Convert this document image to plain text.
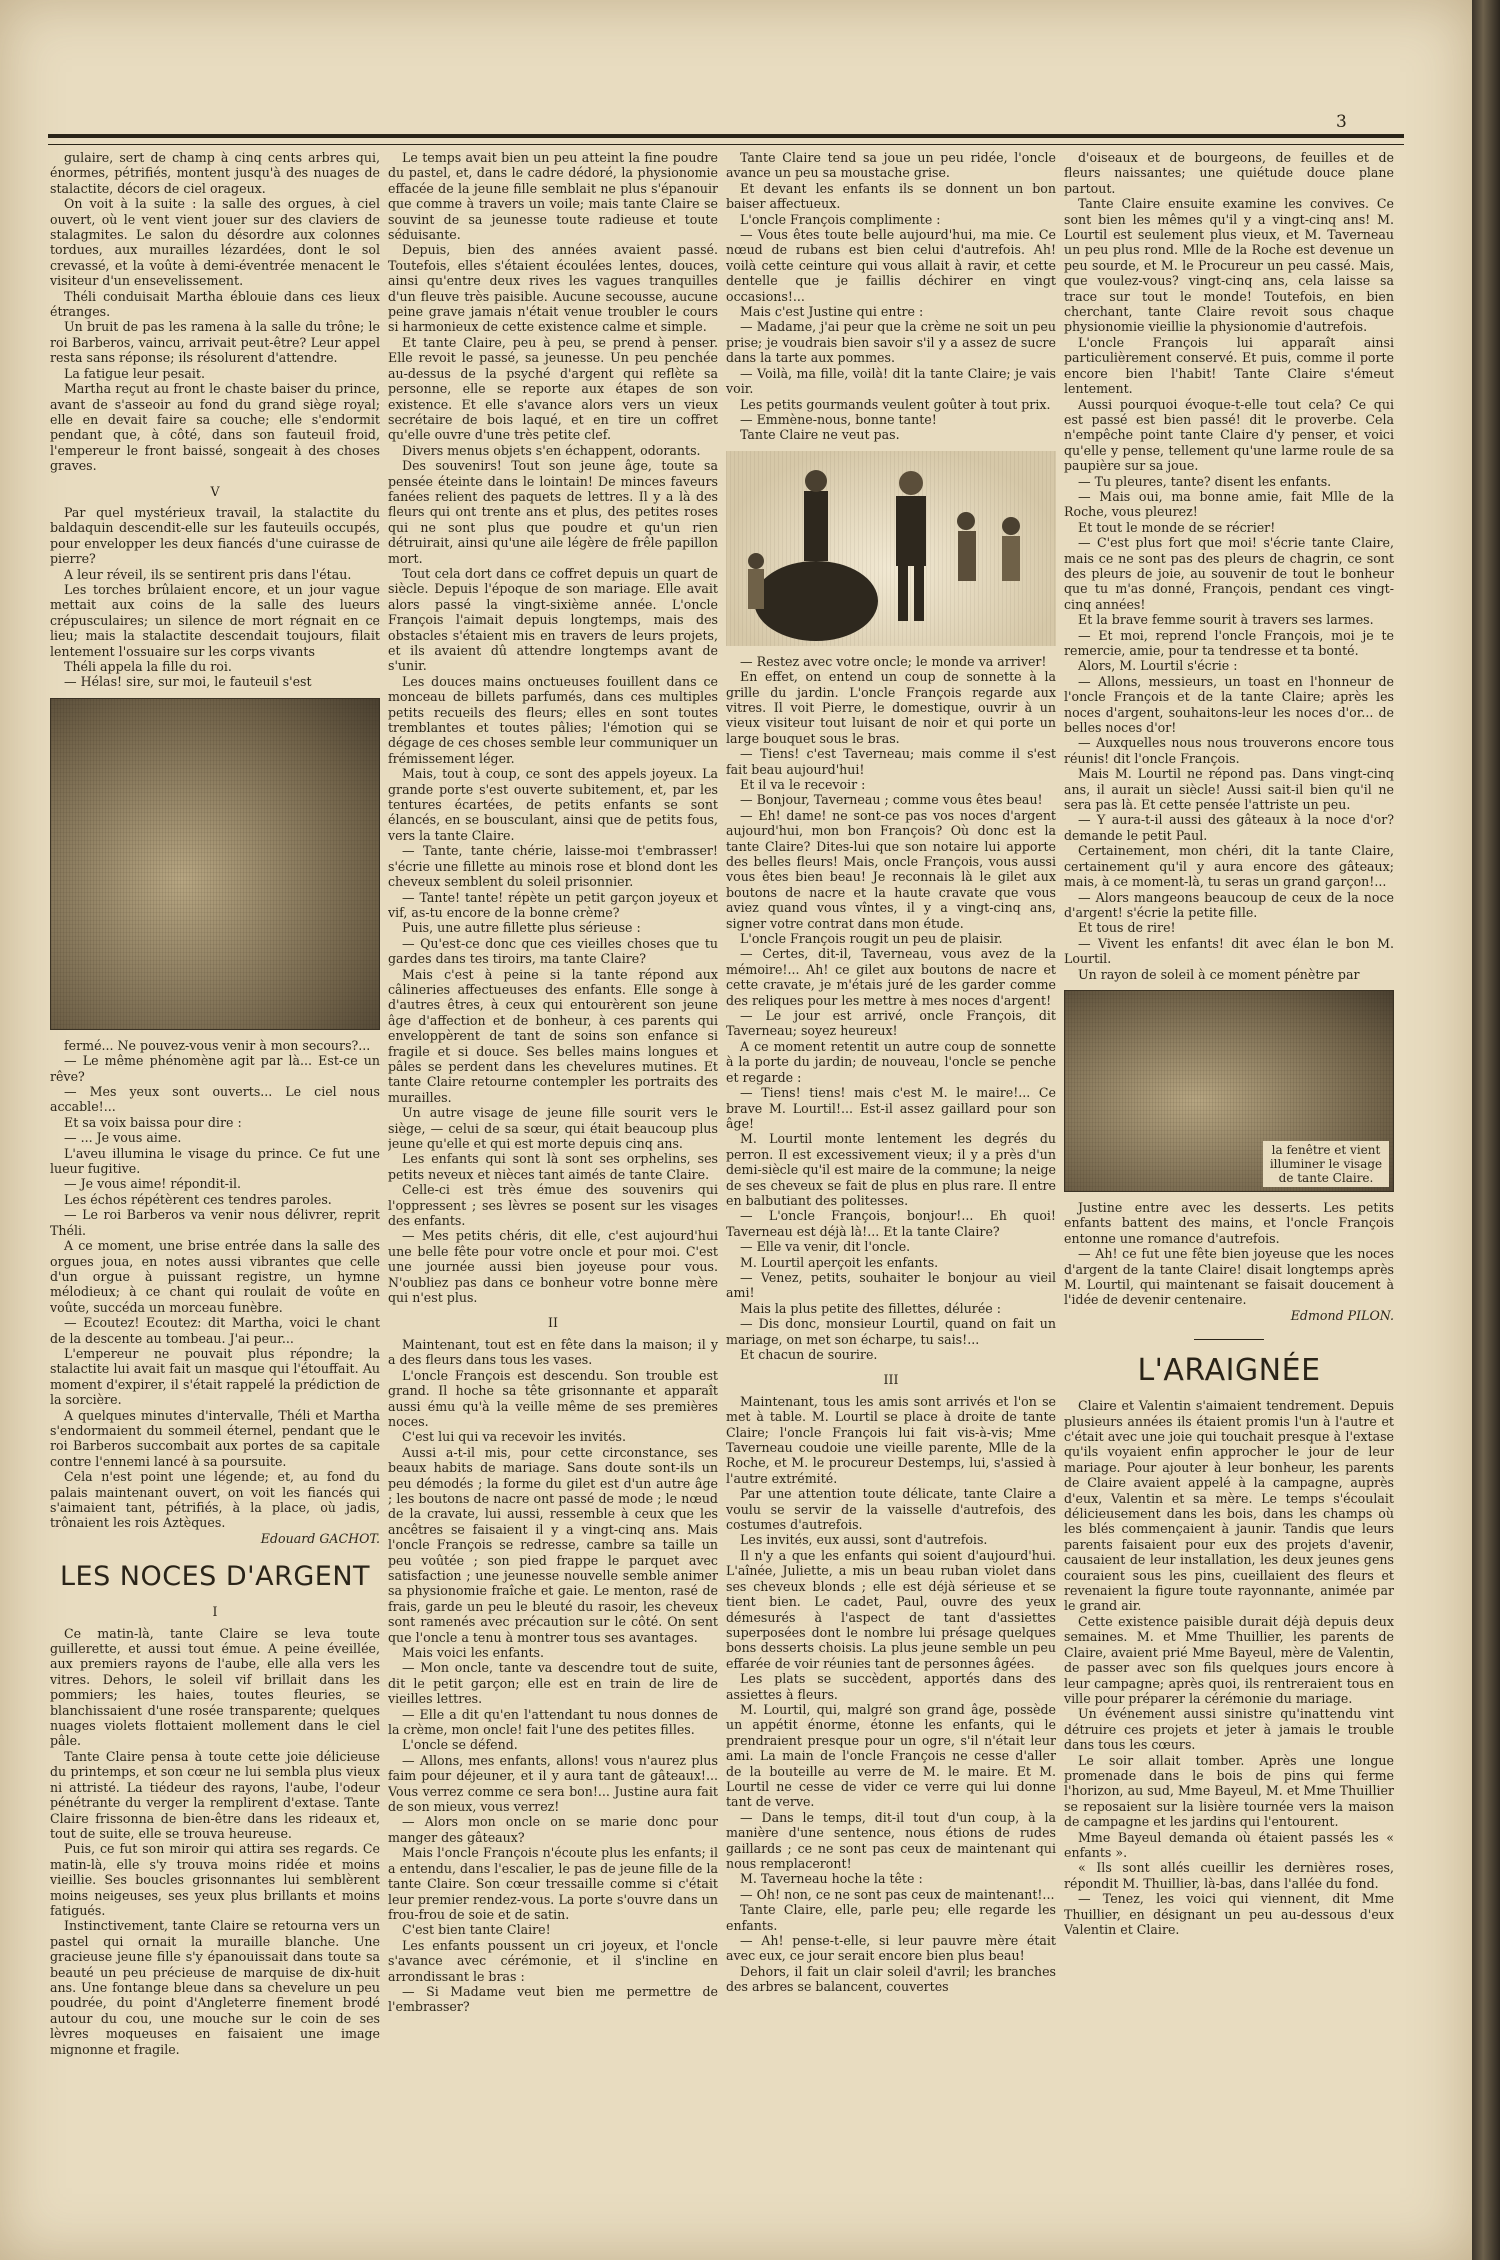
3

gulaire, sert de champ à cinq cents arbres qui, énormes, pétrifiés, montent jusqu'à des nuages de stalactite, décors de ciel orageux.

On voit à la suite : la salle des orgues, à ciel ouvert, où le vent vient jouer sur des claviers de stalagmites. Le salon du désordre aux colonnes tordues, aux murailles lézardées, dont le sol crevassé, et la voûte à demi-éventrée menacent le visiteur d'un ensevelissement.

Théli conduisait Martha éblouie dans ces lieux étranges.

Un bruit de pas les ramena à la salle du trône; le roi Barberos, vaincu, arrivait peut-être? Leur appel resta sans réponse; ils résolurent d'attendre.

La fatigue leur pesait.

Martha reçut au front le chaste baiser du prince, avant de s'asseoir au fond du grand siège royal; elle en devait faire sa couche; elle s'endormit pendant que, à côté, dans son fauteuil froid, l'empereur le front baissé, songeait à des choses graves.

V

Par quel mystérieux travail, la stalactite du baldaquin descendit-elle sur les fauteuils occupés, pour envelopper les deux fiancés d'une cuirasse de pierre?

A leur réveil, ils se sentirent pris dans l'étau.

Les torches brûlaient encore, et un jour vague mettait aux coins de la salle des lueurs crépusculaires; un silence de mort régnait en ce lieu; mais la stalactite descendait toujours, filait lentement l'ossuaire sur les corps vivants

Théli appela la fille du roi.

— Hélas! sire, sur moi, le fauteuil s'est

fermé... Ne pouvez-vous venir à mon secours?...

— Le même phénomène agit par là... Est-ce un rêve?

— Mes yeux sont ouverts... Le ciel nous accable!...

Et sa voix baissa pour dire :

— ... Je vous aime.

L'aveu illumina le visage du prince. Ce fut une lueur fugitive.

— Je vous aime! répondit-il.

Les échos répétèrent ces tendres paroles.

— Le roi Barberos va venir nous délivrer, reprit Théli.

A ce moment, une brise entrée dans la salle des orgues joua, en notes aussi vibrantes que celle d'un orgue à puissant registre, un hymne mélodieux; à ce chant qui roulait de voûte en voûte, succéda un morceau funèbre.

— Ecoutez! Ecoutez: dit Martha, voici le chant de la descente au tombeau. J'ai peur...

L'empereur ne pouvait plus répondre; la stalactite lui avait fait un masque qui l'étouffait. Au moment d'expirer, il s'était rappelé la prédiction de la sorcière.

A quelques minutes d'intervalle, Théli et Martha s'endormaient du sommeil éternel, pendant que le roi Barberos succombait aux portes de sa capitale contre l'ennemi lancé à sa poursuite.

Cela n'est point une légende; et, au fond du palais maintenant ouvert, on voit les fiancés qui s'aimaient tant, pétrifiés, à la place, où jadis, trônaient les rois Aztèques.

Edouard GACHOT.

LES NOCES D'ARGENT

I

Ce matin-là, tante Claire se leva toute guillerette, et aussi tout émue. A peine éveillée, aux premiers rayons de l'aube, elle alla vers les vitres. Dehors, le soleil vif brillait dans les pommiers; les haies, toutes fleuries, se blanchissaient d'une rosée transparente; quelques nuages violets flottaient mollement dans le ciel pâle.

Tante Claire pensa à toute cette joie délicieuse du printemps, et son cœur ne lui sembla plus vieux ni attristé. La tiédeur des rayons, l'aube, l'odeur pénétrante du verger la remplirent d'extase. Tante Claire frissonna de bien-être dans les rideaux et, tout de suite, elle se trouva heureuse.

Puis, ce fut son miroir qui attira ses regards. Ce matin-là, elle s'y trouva moins ridée et moins vieillie. Ses boucles grisonnantes lui semblèrent moins neigeuses, ses yeux plus brillants et moins fatigués.

Instinctivement, tante Claire se retourna vers un pastel qui ornait la muraille blanche. Une gracieuse jeune fille s'y épanouissait dans toute sa beauté un peu précieuse de marquise de dix-huit ans. Une fontange bleue dans sa chevelure un peu poudrée, du point d'Angleterre finement brodé autour du cou, une mouche sur le coin de ses lèvres moqueuses en faisaient une image mignonne et fragile.

Le temps avait bien un peu atteint la fine poudre du pastel, et, dans le cadre dédoré, la physionomie effacée de la jeune fille semblait ne plus s'épanouir que comme à travers un voile; mais tante Claire se souvint de sa jeunesse toute radieuse et toute séduisante.

Depuis, bien des années avaient passé. Toutefois, elles s'étaient écoulées lentes, douces, ainsi qu'entre deux rives les vagues tranquilles d'un fleuve très paisible. Aucune secousse, aucune peine grave jamais n'était venue troubler le cours si harmonieux de cette existence calme et simple.

Et tante Claire, peu à peu, se prend à penser. Elle revoit le passé, sa jeunesse. Un peu penchée au-dessus de la psyché d'argent qui reflète sa personne, elle se reporte aux étapes de son existence. Et elle s'avance alors vers un vieux secrétaire de bois laqué, et en tire un coffret qu'elle ouvre d'une très petite clef.

Divers menus objets s'en échappent, odorants.

Des souvenirs! Tout son jeune âge, toute sa pensée éteinte dans le lointain! De minces faveurs fanées relient des paquets de lettres. Il y a là des fleurs qui ont trente ans et plus, des petites roses qui ne sont plus que poudre et qu'un rien détruirait, ainsi qu'une aile légère de frêle papillon mort.

Tout cela dort dans ce coffret depuis un quart de siècle. Depuis l'époque de son mariage. Elle avait alors passé la vingt-sixième année. L'oncle François l'aimait depuis longtemps, mais des obstacles s'étaient mis en travers de leurs projets, et ils avaient dû attendre longtemps avant de s'unir.

Les douces mains onctueuses fouillent dans ce monceau de billets parfumés, dans ces multiples petits recueils des fleurs; elles en sont toutes tremblantes et toutes pâlies; l'émotion qui se dégage de ces choses semble leur communiquer un frémissement léger.

Mais, tout à coup, ce sont des appels joyeux. La grande porte s'est ouverte subitement, et, par les tentures écartées, de petits enfants se sont élancés, en se bousculant, ainsi que de petits fous, vers la tante Claire.

— Tante, tante chérie, laisse-moi t'embrasser! s'écrie une fillette au minois rose et blond dont les cheveux semblent du soleil prisonnier.

— Tante! tante! répète un petit garçon joyeux et vif, as-tu encore de la bonne crème?

Puis, une autre fillette plus sérieuse :

— Qu'est-ce donc que ces vieilles choses que tu gardes dans tes tiroirs, ma tante Claire?

Mais c'est à peine si la tante répond aux câlineries affectueuses des enfants. Elle songe à d'autres êtres, à ceux qui entourèrent son jeune âge d'affection et de bonheur, à ces parents qui enveloppèrent de tant de soins son enfance si fragile et si douce. Ses belles mains longues et pâles se perdent dans les chevelures mutines. Et tante Claire retourne contempler les portraits des murailles.

Un autre visage de jeune fille sourit vers le siège, — celui de sa sœur, qui était beaucoup plus jeune qu'elle et qui est morte depuis cinq ans.

Les enfants qui sont là sont ses orphelins, ses petits neveux et nièces tant aimés de tante Claire.

Celle-ci est très émue des souvenirs qui l'oppressent ; ses lèvres se posent sur les visages des enfants.

— Mes petits chéris, dit elle, c'est aujourd'hui une belle fête pour votre oncle et pour moi. C'est une journée aussi bien joyeuse pour vous. N'oubliez pas dans ce bonheur votre bonne mère qui n'est plus.

II

Maintenant, tout est en fête dans la maison; il y a des fleurs dans tous les vases.

L'oncle François est descendu. Son trouble est grand. Il hoche sa tête grisonnante et apparaît aussi ému qu'à la veille même de ses premières noces.

C'est lui qui va recevoir les invités.

Aussi a-t-il mis, pour cette circonstance, ses beaux habits de mariage. Sans doute sont-ils un peu démodés ; la forme du gilet est d'un autre âge ; les boutons de nacre ont passé de mode ; le nœud de la cravate, lui aussi, ressemble à ceux que les ancêtres se faisaient il y a vingt-cinq ans. Mais l'oncle François se redresse, cambre sa taille un peu voûtée ; son pied frappe le parquet avec satisfaction ; une jeunesse nouvelle semble animer sa physionomie fraîche et gaie. Le menton, rasé de frais, garde un peu le bleuté du rasoir, les cheveux sont ramenés avec précaution sur le côté. On sent que l'oncle a tenu à montrer tous ses avantages.

Mais voici les enfants.

— Mon oncle, tante va descendre tout de suite, dit le petit garçon; elle est en train de lire de vieilles lettres.

— Elle a dit qu'en l'attendant tu nous donnes de la crème, mon oncle! fait l'une des petites filles.

L'oncle se défend.

— Allons, mes enfants, allons! vous n'aurez plus faim pour déjeuner, et il y aura tant de gâteaux!... Vous verrez comme ce sera bon!... Justine aura fait de son mieux, vous verrez!

— Alors mon oncle on se marie donc pour manger des gâteaux?

Mais l'oncle François n'écoute plus les enfants; il a entendu, dans l'escalier, le pas de jeune fille de la tante Claire. Son cœur tressaille comme si c'était leur premier rendez-vous. La porte s'ouvre dans un frou-frou de soie et de satin.

C'est bien tante Claire!

Les enfants poussent un cri joyeux, et l'oncle s'avance avec cérémonie, et il s'incline en arrondissant le bras :

— Si Madame veut bien me permettre de l'embrasser?

Tante Claire tend sa joue un peu ridée, l'oncle avance un peu sa moustache grise.

Et devant les enfants ils se donnent un bon baiser affectueux.

L'oncle François complimente :

— Vous êtes toute belle aujourd'hui, ma mie. Ce nœud de rubans est bien celui d'autrefois. Ah! voilà cette ceinture qui vous allait à ravir, et cette dentelle que je faillis déchirer en vingt occasions!...

Mais c'est Justine qui entre :

— Madame, j'ai peur que la crème ne soit un peu prise; je voudrais bien savoir s'il y a assez de sucre dans la tarte aux pommes.

— Voilà, ma fille, voilà! dit la tante Claire; je vais voir.

Les petits gourmands veulent goûter à tout prix.

— Emmène-nous, bonne tante!

Tante Claire ne veut pas.

— Restez avec votre oncle; le monde va arriver!

En effet, on entend un coup de sonnette à la grille du jardin. L'oncle François regarde aux vitres. Il voit Pierre, le domestique, ouvrir à un vieux visiteur tout luisant de noir et qui porte un large bouquet sous le bras.

— Tiens! c'est Taverneau; mais comme il s'est fait beau aujourd'hui!

Et il va le recevoir :

— Bonjour, Taverneau ; comme vous êtes beau!

— Eh! dame! ne sont-ce pas vos noces d'argent aujourd'hui, mon bon François? Où donc est la tante Claire? Dites-lui que son notaire lui apporte des belles fleurs! Mais, oncle François, vous aussi vous êtes bien beau! Je reconnais là le gilet aux boutons de nacre et la haute cravate que vous aviez quand vous vîntes, il y a vingt-cinq ans, signer votre contrat dans mon étude.

L'oncle François rougit un peu de plaisir.

— Certes, dit-il, Taverneau, vous avez de la mémoire!... Ah! ce gilet aux boutons de nacre et cette cravate, je m'étais juré de les garder comme des reliques pour les mettre à mes noces d'argent!

— Le jour est arrivé, oncle François, dit Taverneau; soyez heureux!

A ce moment retentit un autre coup de sonnette à la porte du jardin; de nouveau, l'oncle se penche et regarde :

— Tiens! tiens! mais c'est M. le maire!... Ce brave M. Lourtil!... Est-il assez gaillard pour son âge!

M. Lourtil monte lentement les degrés du perron. Il est excessivement vieux; il y a près d'un demi-siècle qu'il est maire de la commune; la neige de ses cheveux se fait de plus en plus rare. Il entre en balbutiant des politesses.

— L'oncle François, bonjour!... Eh quoi! Taverneau est déjà là!... Et la tante Claire?

— Elle va venir, dit l'oncle.

M. Lourtil aperçoit les enfants.

— Venez, petits, souhaiter le bonjour au vieil ami!

Mais la plus petite des fillettes, délurée :

— Dis donc, monsieur Lourtil, quand on fait un mariage, on met son écharpe, tu sais!...

Et chacun de sourire.

III

Maintenant, tous les amis sont arrivés et l'on se met à table. M. Lourtil se place à droite de tante Claire; l'oncle François lui fait vis-à-vis; Mme Taverneau coudoie une vieille parente, Mlle de la Roche, et M. le procureur Destemps, lui, s'assied à l'autre extrémité.

Par une attention toute délicate, tante Claire a voulu se servir de la vaisselle d'autrefois, des costumes d'autrefois.

Les invités, eux aussi, sont d'autrefois.

Il n'y a que les enfants qui soient d'aujourd'hui. L'aînée, Juliette, a mis un beau ruban violet dans ses cheveux blonds ; elle est déjà sérieuse et se tient bien. Le cadet, Paul, ouvre des yeux démesurés à l'aspect de tant d'assiettes superposées dont le nombre lui présage quelques bons desserts choisis. La plus jeune semble un peu effarée de voir réunies tant de personnes âgées.

Les plats se succèdent, apportés dans des assiettes à fleurs.

M. Lourtil, qui, malgré son grand âge, possède un appétit énorme, étonne les enfants, qui le prendraient presque pour un ogre, s'il n'était leur ami. La main de l'oncle François ne cesse d'aller de la bouteille au verre de M. le maire. Et M. Lourtil ne cesse de vider ce verre qui lui donne tant de verve.

— Dans le temps, dit-il tout d'un coup, à la manière d'une sentence, nous étions de rudes gaillards ; ce ne sont pas ceux de maintenant qui nous remplaceront!

M. Taverneau hoche la tête :

— Oh! non, ce ne sont pas ceux de maintenant!...

Tante Claire, elle, parle peu; elle regarde les enfants.

— Ah! pense-t-elle, si leur pauvre mère était avec eux, ce jour serait encore bien plus beau!

Dehors, il fait un clair soleil d'avril; les branches des arbres se balancent, couvertes

d'oiseaux et de bourgeons, de feuilles et de fleurs naissantes; une quiétude douce plane partout.

Tante Claire ensuite examine les convives. Ce sont bien les mêmes qu'il y a vingt-cinq ans! M. Lourtil est seulement plus vieux, et M. Taverneau un peu plus rond. Mlle de la Roche est devenue un peu sourde, et M. le Procureur un peu cassé. Mais, que voulez-vous? vingt-cinq ans, cela laisse sa trace sur tout le monde! Toutefois, en bien cherchant, tante Claire revoit sous chaque physionomie vieillie la physionomie d'autrefois.

L'oncle François lui apparaît ainsi particulièrement conservé. Et puis, comme il porte encore bien l'habit! Tante Claire s'émeut lentement.

Aussi pourquoi évoque-t-elle tout cela? Ce qui est passé est bien passé! dit le proverbe. Cela n'empêche point tante Claire d'y penser, et voici qu'elle y pense, tellement qu'une larme roule de sa paupière sur sa joue.

— Tu pleures, tante? disent les enfants.

— Mais oui, ma bonne amie, fait Mlle de la Roche, vous pleurez!

Et tout le monde de se récrier!

— C'est plus fort que moi! s'écrie tante Claire, mais ce ne sont pas des pleurs de chagrin, ce sont des pleurs de joie, au souvenir de tout le bonheur que tu m'as donné, François, pendant ces vingt-cinq années!

Et la brave femme sourit à travers ses larmes.

— Et moi, reprend l'oncle François, moi je te remercie, amie, pour ta tendresse et ta bonté.

Alors, M. Lourtil s'écrie :

— Allons, messieurs, un toast en l'honneur de l'oncle François et de la tante Claire; après les noces d'argent, souhaitons-leur les noces d'or... de belles noces d'or!

— Auxquelles nous nous trouverons encore tous réunis! dit l'oncle François.

Mais M. Lourtil ne répond pas. Dans vingt-cinq ans, il aurait un siècle! Aussi sait-il bien qu'il ne sera pas là. Et cette pensée l'attriste un peu.

— Y aura-t-il aussi des gâteaux à la noce d'or? demande le petit Paul.

Certainement, mon chéri, dit la tante Claire, certainement qu'il y aura encore des gâteaux; mais, à ce moment-là, tu seras un grand garçon!...

— Alors mangeons beaucoup de ceux de la noce d'argent! s'écrie la petite fille.

Et tous de rire!

— Vivent les enfants! dit avec élan le bon M. Lourtil.

Un rayon de soleil à ce moment pénètre par

la fenêtre et vient illuminer le visage de tante Claire.

Justine entre avec les desserts. Les petits enfants battent des mains, et l'oncle François entonne une romance d'autrefois.

— Ah! ce fut une fête bien joyeuse que les noces d'argent de la tante Claire! disait longtemps après M. Lourtil, qui maintenant se faisait doucement à l'idée de devenir centenaire.

Edmond PILON.

L'ARAIGNÉE

Claire et Valentin s'aimaient tendrement. Depuis plusieurs années ils étaient promis l'un à l'autre et c'était avec une joie qui touchait presque à l'extase qu'ils voyaient enfin approcher le jour de leur mariage. Pour ajouter à leur bonheur, les parents de Claire avaient appelé à la campagne, auprès d'eux, Valentin et sa mère. Le temps s'écoulait délicieusement dans les bois, dans les champs où les blés commençaient à jaunir. Tandis que leurs parents faisaient pour eux des projets d'avenir, causaient de leur installation, les deux jeunes gens couraient sous les pins, cueillaient des fleurs et revenaient la figure toute rayonnante, animée par le grand air.

Cette existence paisible durait déjà depuis deux semaines. M. et Mme Thuillier, les parents de Claire, avaient prié Mme Bayeul, mère de Valentin, de passer avec son fils quelques jours encore à leur campagne; après quoi, ils rentreraient tous en ville pour préparer la cérémonie du mariage.

Un événement aussi sinistre qu'inattendu vint détruire ces projets et jeter à jamais le trouble dans tous les cœurs.

Le soir allait tomber. Après une longue promenade dans le bois de pins qui ferme l'horizon, au sud, Mme Bayeul, M. et Mme Thuillier se reposaient sur la lisière tournée vers la maison de campagne et les jardins qui l'entourent.

Mme Bayeul demanda où étaient passés les « enfants ».

« Ils sont allés cueillir les dernières roses, répondit M. Thuillier, là-bas, dans l'allée du fond.

— Tenez, les voici qui viennent, dit Mme Thuillier, en désignant un peu au-dessous d'eux Valentin et Claire.
